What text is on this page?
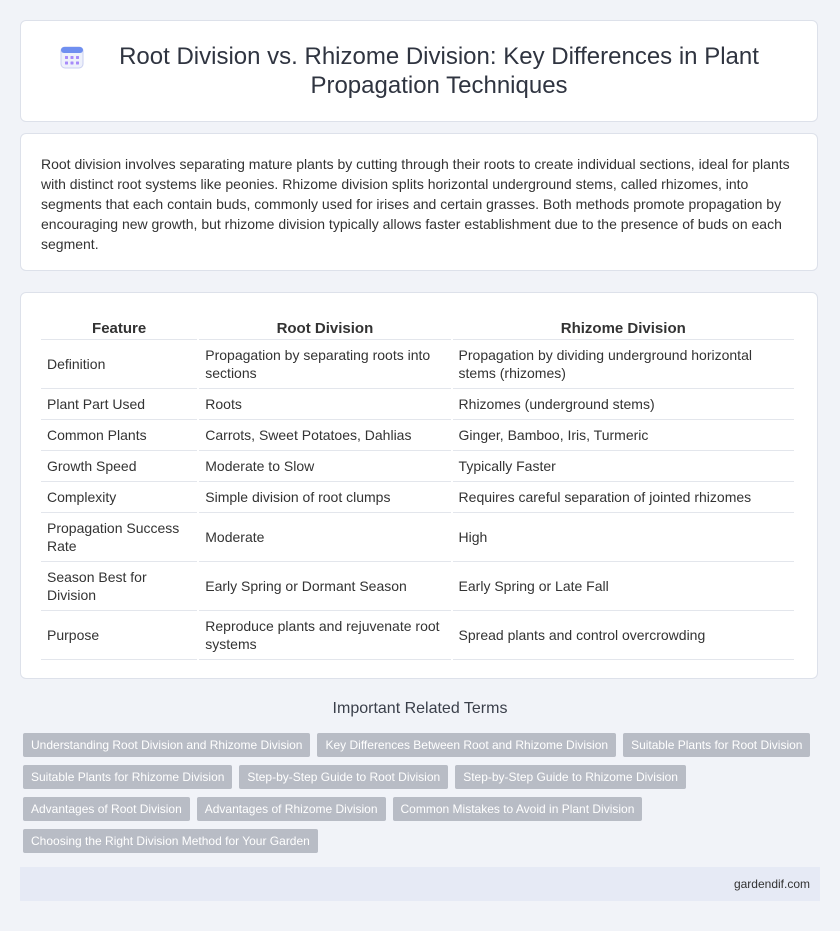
Root Division vs. Rhizome Division: Key Differences in Plant Propagation Techniques

Root division involves separating mature plants by cutting through their roots to create individual sections, ideal for plants with distinct root systems like peonies. Rhizome division splits horizontal underground stems, called rhizomes, into segments that each contain buds, commonly used for irises and certain grasses. Both methods promote propagation by encouraging new growth, but rhizome division typically allows faster establishment due to the presence of buds on each segment.

Feature	Root Division	Rhizome Division
Definition	Propagation by separating roots into sections	Propagation by dividing underground horizontal stems (rhizomes)
Plant Part Used	Roots	Rhizomes (underground stems)
Common Plants	Carrots, Sweet Potatoes, Dahlias	Ginger, Bamboo, Iris, Turmeric
Growth Speed	Moderate to Slow	Typically Faster
Complexity	Simple division of root clumps	Requires careful separation of jointed rhizomes
Propagation Success Rate	Moderate	High
Season Best for Division	Early Spring or Dormant Season	Early Spring or Late Fall
Purpose	Reproduce plants and rejuvenate root systems	Spread plants and control overcrowding
Important Related Terms
Understanding Root Division and Rhizome Division	Key Differences Between Root and Rhizome Division	Suitable Plants for Root Division
Suitable Plants for Rhizome Division	Step-by-Step Guide to Root Division	Step-by-Step Guide to Rhizome Division
Advantages of Root Division	Advantages of Rhizome Division	Common Mistakes to Avoid in Plant Division
Choosing the Right Division Method for Your Garden
gardendif.com
